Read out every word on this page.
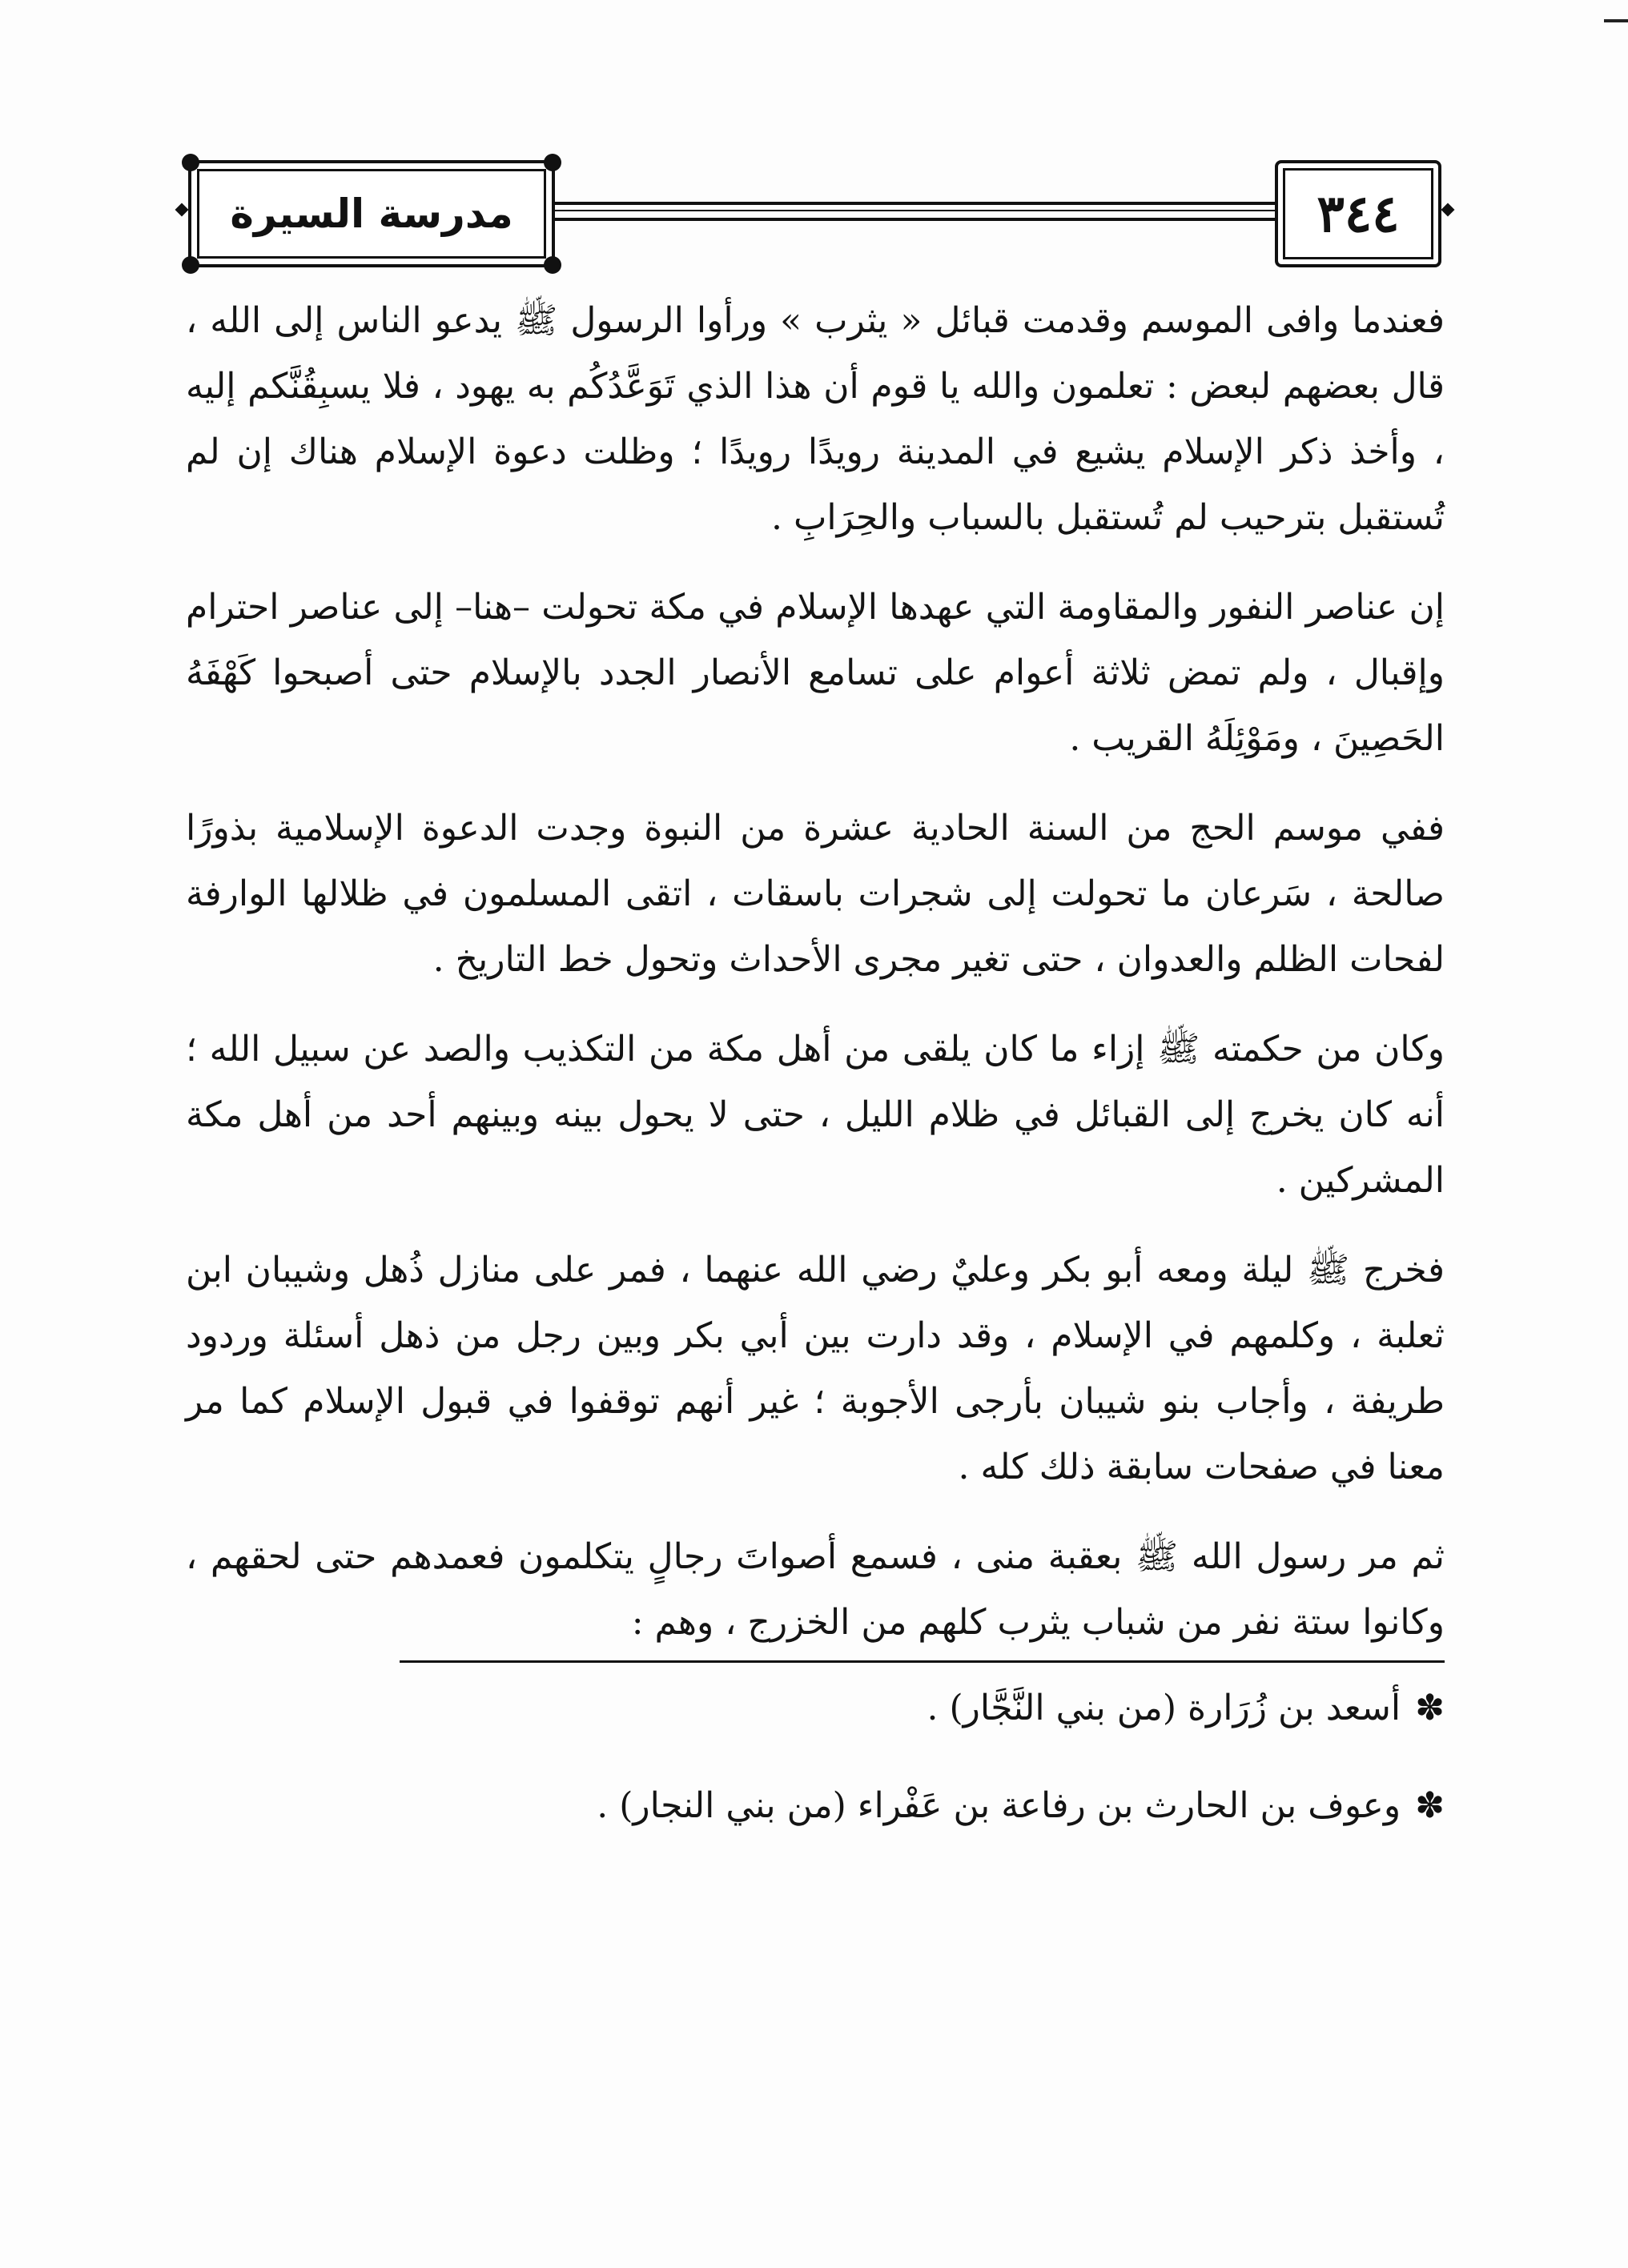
٣٤٤
مدرسة السيرة

فعندما وافى الموسم وقدمت قبائل « يثرب » ورأوا الرسول ﷺ يدعو الناس إلى الله ، قال بعضهم لبعض : تعلمون والله يا قوم أن هذا الذي تَوَعَّدُكُم به يهود ، فلا يسبِقُنَّكم إليه ، وأخذ ذكر الإسلام يشيع في المدينة رويدًا رويدًا ؛ وظلت دعوة الإسلام هناك إن لم تُستقبل بترحيب لم تُستقبل بالسباب والحِرَابِ .

إن عناصر النفور والمقاومة التي عهدها الإسلام في مكة تحولت –هنا– إلى عناصر احترام وإقبال ، ولم تمض ثلاثة أعوام على تسامع الأنصار الجدد بالإسلام حتى أصبحوا كَهْفَهُ الحَصِينَ ، ومَوْئِلَهُ القريب .

ففي موسم الحج من السنة الحادية عشرة من النبوة وجدت الدعوة الإسلامية بذورًا صالحة ، سَرعان ما تحولت إلى شجرات باسقات ، اتقى المسلمون في ظلالها الوارفة لفحات الظلم والعدوان ، حتى تغير مجرى الأحداث وتحول خط التاريخ .

وكان من حكمته ﷺ إزاء ما كان يلقى من أهل مكة من التكذيب والصد عن سبيل الله ؛ أنه كان يخرج إلى القبائل في ظلام الليل ، حتى لا يحول بينه وبينهم أحد من أهل مكة المشركين .

فخرج ﷺ ليلة ومعه أبو بكر وعليٌ رضي الله عنهما ، فمر على منازل ذُهل وشيبان ابن ثعلبة ، وكلمهم في الإسلام ، وقد دارت بين أبي بكر وبين رجل من ذهل أسئلة وردود طريفة ، وأجاب بنو شيبان بأرجى الأجوبة ؛ غير أنهم توقفوا في قبول الإسلام كما مر معنا في صفحات سابقة ذلك كله .

ثم مر رسول الله ﷺ بعقبة منى ، فسمع أصواتَ رجالٍ يتكلمون فعمدهم حتى لحقهم ، وكانوا ستة نفر من شباب يثرب كلهم من الخزرج ، وهم :

✽
أسعد بن زُرَارة (من بني النَّجَّار) .
✽
وعوف بن الحارث بن رفاعة بن عَفْراء (من بني النجار) .
